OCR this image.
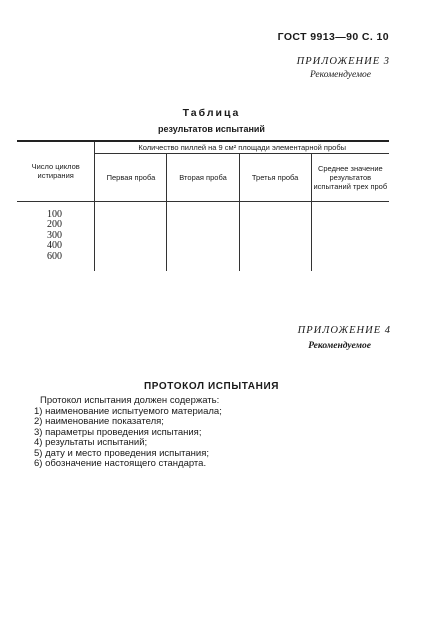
ГОСТ 9913—90 С. 10
ПРИЛОЖЕНИЕ 3
Рекомендуемое
Таблица
результатов испытаний
Число циклов истирания	Количество пиллей на 9 см² площади элементарной пробы			
	Первая проба	Вторая проба	Третья проба	Среднее значение результатов испытаний трех проб

100
200
300
400
600				

ПРИЛОЖЕНИЕ 4
Рекомендуемое
ПРОТОКОЛ ИСПЫТАНИЯ
Протокол испытания должен содержать:
1) наименование испытуемого материала;
2) наименование показателя;
3) параметры проведения испытания;
4) результаты испытаний;
5) дату и место проведения испытания;
6) обозначение настоящего стандарта.
